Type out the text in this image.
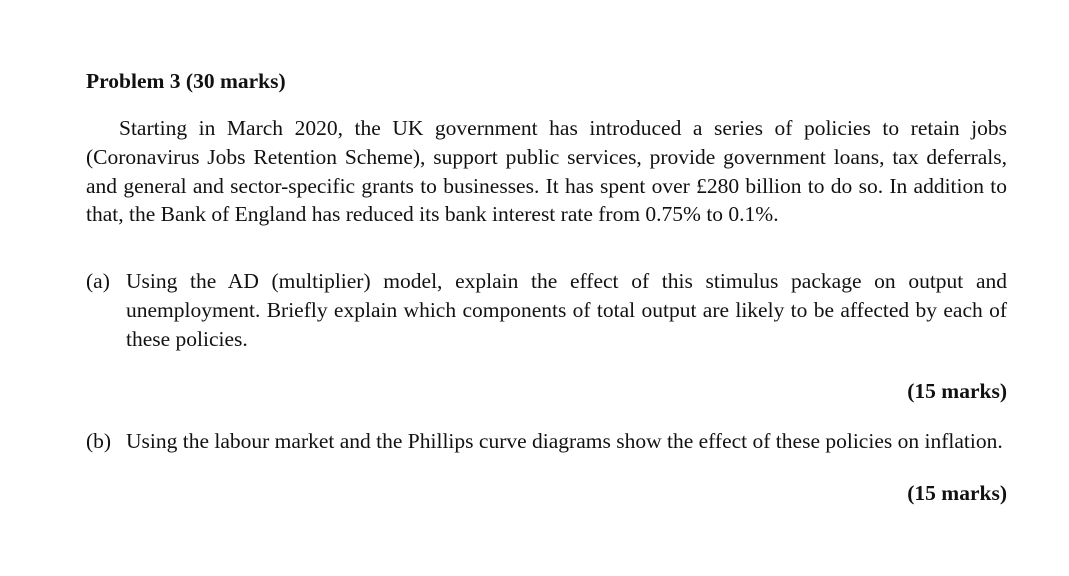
Problem 3 (30 marks)

Starting in March 2020, the UK government has introduced a series of policies to retain jobs (Coronavirus Jobs Retention Scheme), support public services, provide government loans, tax deferrals, and general and sector-specific grants to businesses. It has spent over £280 billion to do so. In addition to that, the Bank of England has reduced its bank interest rate from 0.75% to 0.1%.

(a) Using the AD (multiplier) model, explain the effect of this stimulus package on output and unemployment. Briefly explain which components of total output are likely to be affected by each of these policies.

(15 marks)

(b) Using the labour market and the Phillips curve diagrams show the effect of these policies on inflation.

(15 marks)
